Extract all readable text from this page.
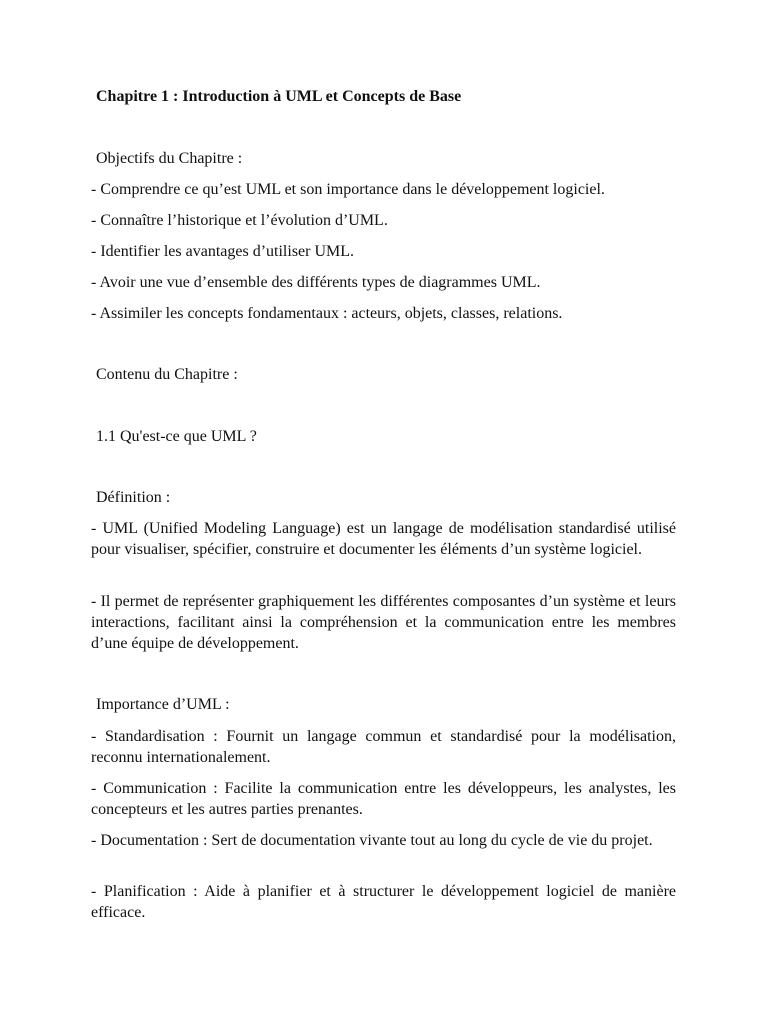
Chapitre 1 : Introduction à UML et Concepts de Base
Objectifs du Chapitre :
- Comprendre ce qu’est UML et son importance dans le développement logiciel.
- Connaître l’historique et l’évolution d’UML.
- Identifier les avantages d’utiliser UML.
- Avoir une vue d’ensemble des différents types de diagrammes UML.
- Assimiler les concepts fondamentaux : acteurs, objets, classes, relations.
Contenu du Chapitre :
1.1 Qu'est-ce que UML ?
Définition :
- UML (Unified Modeling Language) est un langage de modélisation standardisé utilisé pour visualiser, spécifier, construire et documenter les éléments d’un système logiciel.
- Il permet de représenter graphiquement les différentes composantes d’un système et leurs interactions, facilitant ainsi la compréhension et la communication entre les membres d’une équipe de développement.
Importance d’UML :
- Standardisation : Fournit un langage commun et standardisé pour la modélisation, reconnu internationalement.
- Communication : Facilite la communication entre les développeurs, les analystes, les concepteurs et les autres parties prenantes.
- Documentation : Sert de documentation vivante tout au long du cycle de vie du projet.
- Planification : Aide à planifier et à structurer le développement logiciel de manière efficace.
